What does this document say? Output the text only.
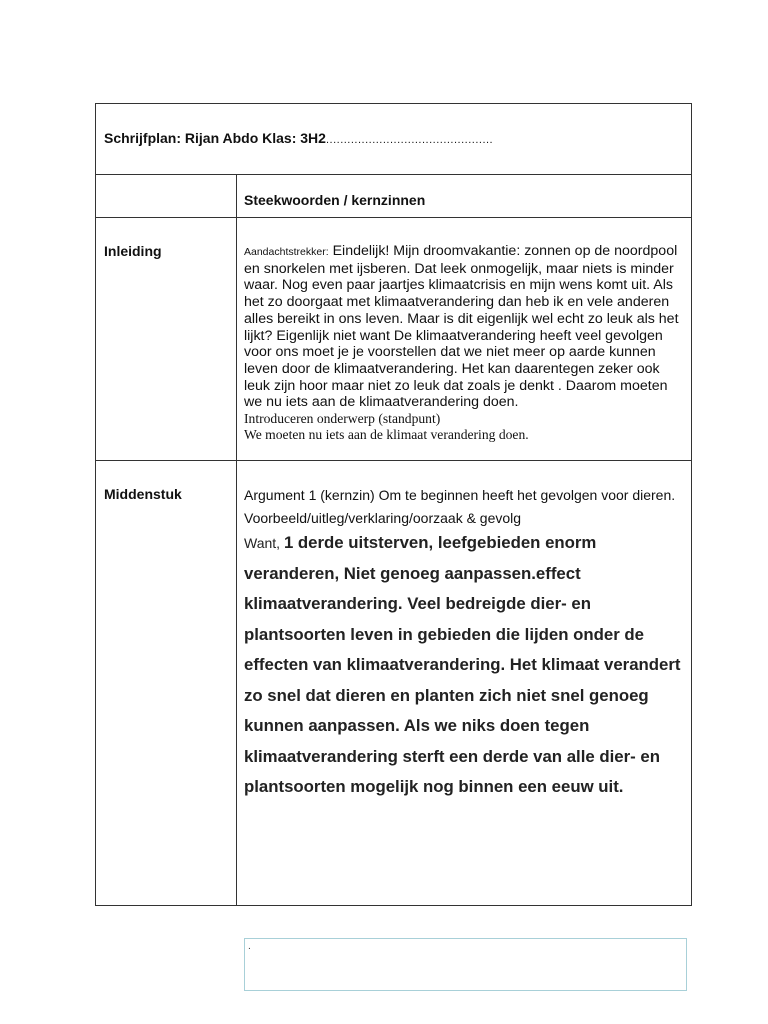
Schrijfplan: Rijan Abdo Klas: 3H2...............................................
Steekwoorden / kernzinnen
Inleiding	Aandachtstrekker: Eindelijk! Mijn droomvakantie: zonnen op de noordpool en snorkelen met ijsberen. Dat leek onmogelijk, maar niets is minder waar. Nog even paar jaartjes klimaatcrisis en mijn wens komt uit. Als het zo doorgaat met klimaatverandering dan heb ik en vele anderen alles bereikt in ons leven. Maar is dit eigenlijk wel echt zo leuk als het lijkt? Eigenlijk niet want De klimaatverandering heeft veel gevolgen voor ons moet je je voorstellen dat we niet meer op aarde kunnen leven door de klimaatverandering. Het kan daarentegen zeker ook leuk zijn hoor maar niet zo leuk dat zoals je denkt . Daarom moeten we nu iets aan de klimaatverandering doen.
Introduceren onderwerp (standpunt)
We moeten nu iets aan de klimaat verandering doen.
Middenstuk	Argument 1 (kernzin) Om te beginnen heeft het gevolgen voor dieren.
Voorbeeld/uitleg/verklaring/oorzaak & gevolg
Want, 1 derde uitsterven, leefgebieden enorm veranderen, Niet genoeg aanpassen.effect klimaatverandering. Veel bedreigde dier- en plantsoorten leven in gebieden die lijden onder de effecten van klimaatverandering. Het klimaat verandert zo snel dat dieren en planten zich niet snel genoeg kunnen aanpassen. Als we niks doen tegen klimaatverandering sterft een derde van alle dier- en plantsoorten mogelijk nog binnen een eeuw uit.
.
